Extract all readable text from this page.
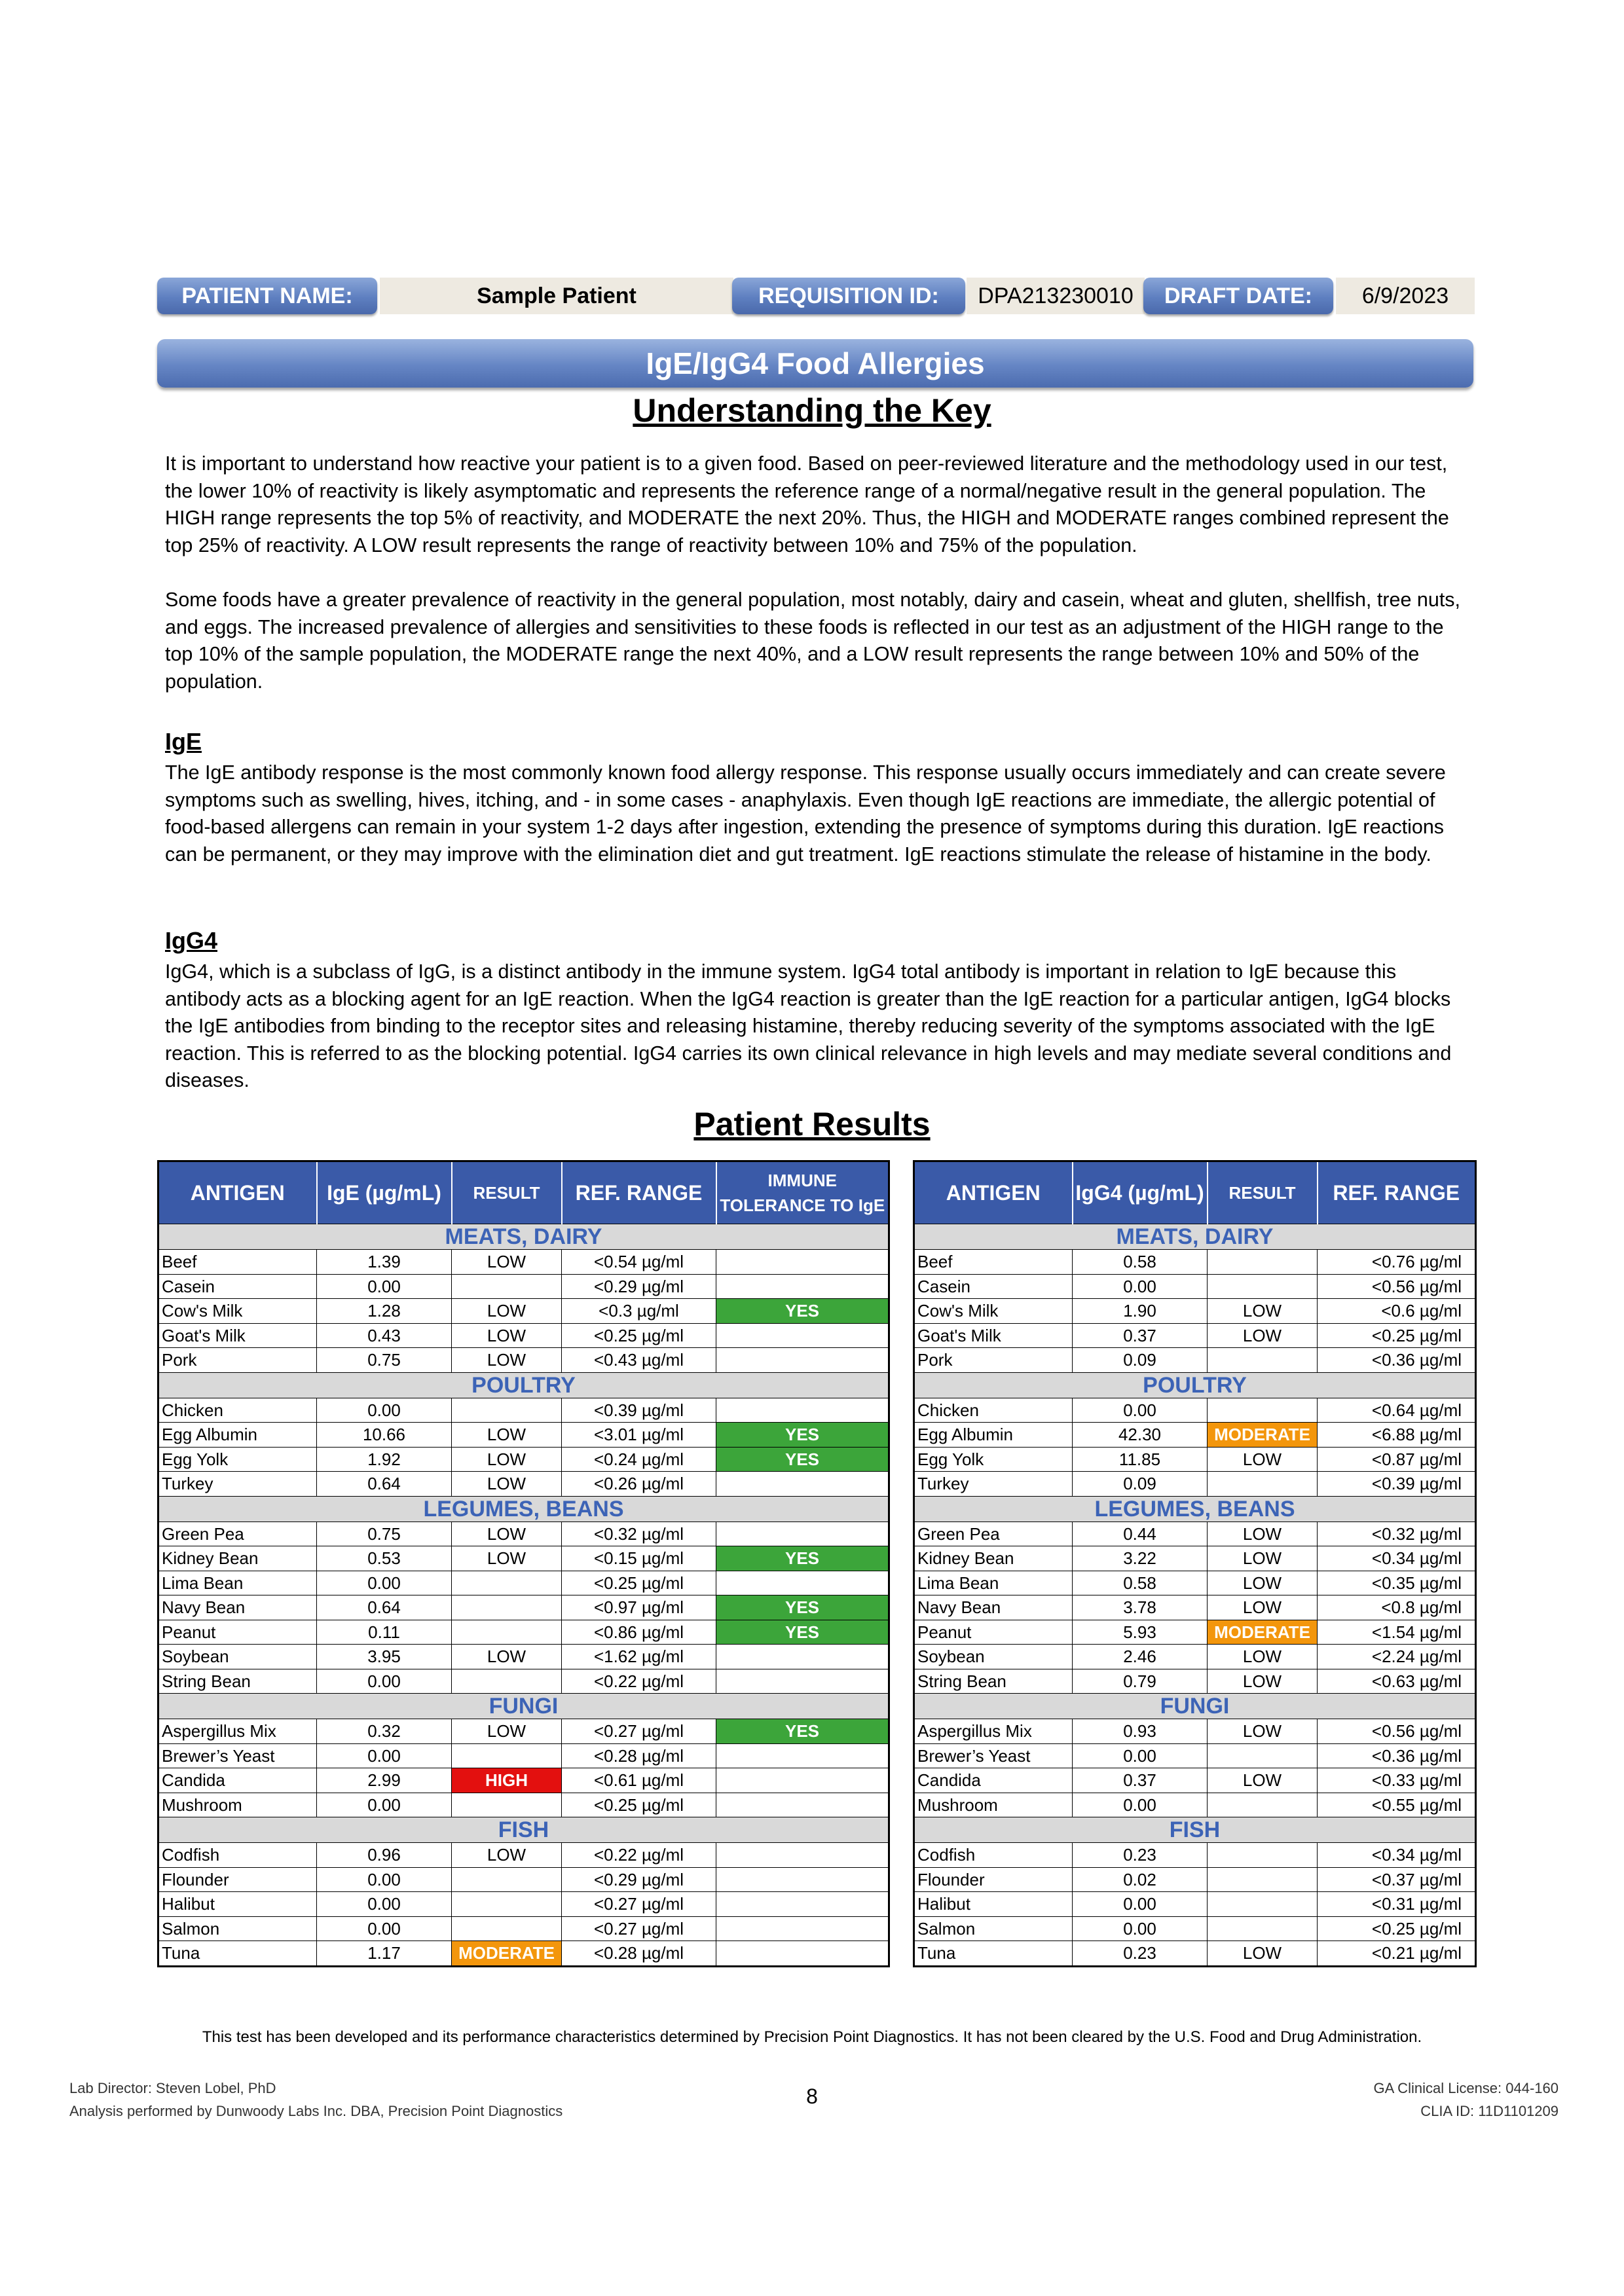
PATIENT NAME:	Sample Patient	REQUISITION ID:	DPA213230010	DRAFT DATE:	6/9/2023
IgE/IgG4 Food Allergies
Understanding the Key
It is important to understand how reactive your patient is to a given food. Based on peer-reviewed literature and the methodology used in our test, the lower 10% of reactivity is likely asymptomatic and represents the reference range of a normal/negative result in the general population. The HIGH range represents the top 5% of reactivity, and MODERATE the next 20%. Thus, the HIGH and MODERATE ranges combined represent the top 25% of reactivity. A LOW result represents the range of reactivity between 10% and 75% of the population.
Some foods have a greater prevalence of reactivity in the general population, most notably, dairy and casein, wheat and gluten, shellfish, tree nuts, and eggs. The increased prevalence of allergies and sensitivities to these foods is reflected in our test as an adjustment of the HIGH range to the top 10% of the sample population, the MODERATE range the next 40%, and a LOW result represents the range between 10% and 50% of the population.
IgE
The IgE antibody response is the most commonly known food allergy response. This response usually occurs immediately and can create severe symptoms such as swelling, hives, itching, and - in some cases - anaphylaxis. Even though IgE reactions are immediate, the allergic potential of food-based allergens can remain in your system 1-2 days after ingestion, extending the presence of symptoms during this duration. IgE reactions can be permanent, or they may improve with the elimination diet and gut treatment. IgE reactions stimulate the release of histamine in the body.
IgG4
IgG4, which is a subclass of IgG, is a distinct antibody in the immune system. IgG4 total antibody is important in relation to IgE because this antibody acts as a blocking agent for an IgE reaction. When the IgG4 reaction is greater than the IgE reaction for a particular antigen, IgG4 blocks the IgE antibodies from binding to the receptor sites and releasing histamine, thereby reducing severity of the symptoms associated with the IgE reaction. This is referred to as the blocking potential. IgG4 carries its own clinical relevance in high levels and may mediate several conditions and diseases.
Patient Results
ANTIGEN	IgE (µg/mL)	RESULT	REF. RANGE	IMMUNE TOLERANCE TO IgE
MEATS, DAIRY				
Beef	1.39	LOW	<0.54 µg/ml	
Casein	0.00		<0.29 µg/ml	
Cow's Milk	1.28	LOW	<0.3 µg/ml	YES
Goat's Milk	0.43	LOW	<0.25 µg/ml	
Pork	0.75	LOW	<0.43 µg/ml	
POULTRY				
Chicken	0.00		<0.39 µg/ml	
Egg Albumin	10.66	LOW	<3.01 µg/ml	YES
Egg Yolk	1.92	LOW	<0.24 µg/ml	YES
Turkey	0.64	LOW	<0.26 µg/ml	
LEGUMES, BEANS				
Green Pea	0.75	LOW	<0.32 µg/ml	
Kidney Bean	0.53	LOW	<0.15 µg/ml	YES
Lima Bean	0.00		<0.25 µg/ml	
Navy Bean	0.64		<0.97 µg/ml	YES
Peanut	0.11		<0.86 µg/ml	YES
Soybean	3.95	LOW	<1.62 µg/ml	
String Bean	0.00		<0.22 µg/ml	
FUNGI				
Aspergillus Mix	0.32	LOW	<0.27 µg/ml	YES
Brewer’s Yeast	0.00		<0.28 µg/ml	
Candida	2.99	HIGH	<0.61 µg/ml	
Mushroom	0.00		<0.25 µg/ml	
FISH				
Codfish	0.96	LOW	<0.22 µg/ml	
Flounder	0.00		<0.29 µg/ml	
Halibut	0.00		<0.27 µg/ml	
Salmon	0.00		<0.27 µg/ml	
Tuna	1.17	MODERATE	<0.28 µg/ml	
ANTIGEN	IgG4 (µg/mL)	RESULT	REF. RANGE
MEATS, DAIRY			
Beef	0.58		<0.76 µg/ml
Casein	0.00		<0.56 µg/ml
Cow's Milk	1.90	LOW	<0.6 µg/ml
Goat's Milk	0.37	LOW	<0.25 µg/ml
Pork	0.09		<0.36 µg/ml
POULTRY			
Chicken	0.00		<0.64 µg/ml
Egg Albumin	42.30	MODERATE	<6.88 µg/ml
Egg Yolk	11.85	LOW	<0.87 µg/ml
Turkey	0.09		<0.39 µg/ml
LEGUMES, BEANS			
Green Pea	0.44	LOW	<0.32 µg/ml
Kidney Bean	3.22	LOW	<0.34 µg/ml
Lima Bean	0.58	LOW	<0.35 µg/ml
Navy Bean	3.78	LOW	<0.8 µg/ml
Peanut	5.93	MODERATE	<1.54 µg/ml
Soybean	2.46	LOW	<2.24 µg/ml
String Bean	0.79	LOW	<0.63 µg/ml
FUNGI			
Aspergillus Mix	0.93	LOW	<0.56 µg/ml
Brewer’s Yeast	0.00		<0.36 µg/ml
Candida	0.37	LOW	<0.33 µg/ml
Mushroom	0.00		<0.55 µg/ml
FISH			
Codfish	0.23		<0.34 µg/ml
Flounder	0.02		<0.37 µg/ml
Halibut	0.00		<0.31 µg/ml
Salmon	0.00		<0.25 µg/ml
Tuna	0.23	LOW	<0.21 µg/ml
This test has been developed and its performance characteristics determined by Precision Point Diagnostics. It has not been cleared by the U.S. Food and Drug Administration.
Lab Director: Steven Lobel, PhD
Analysis performed by Dunwoody Labs Inc. DBA, Precision Point Diagnostics
8	GA Clinical License: 044-160
CLIA ID: 11D1101209
